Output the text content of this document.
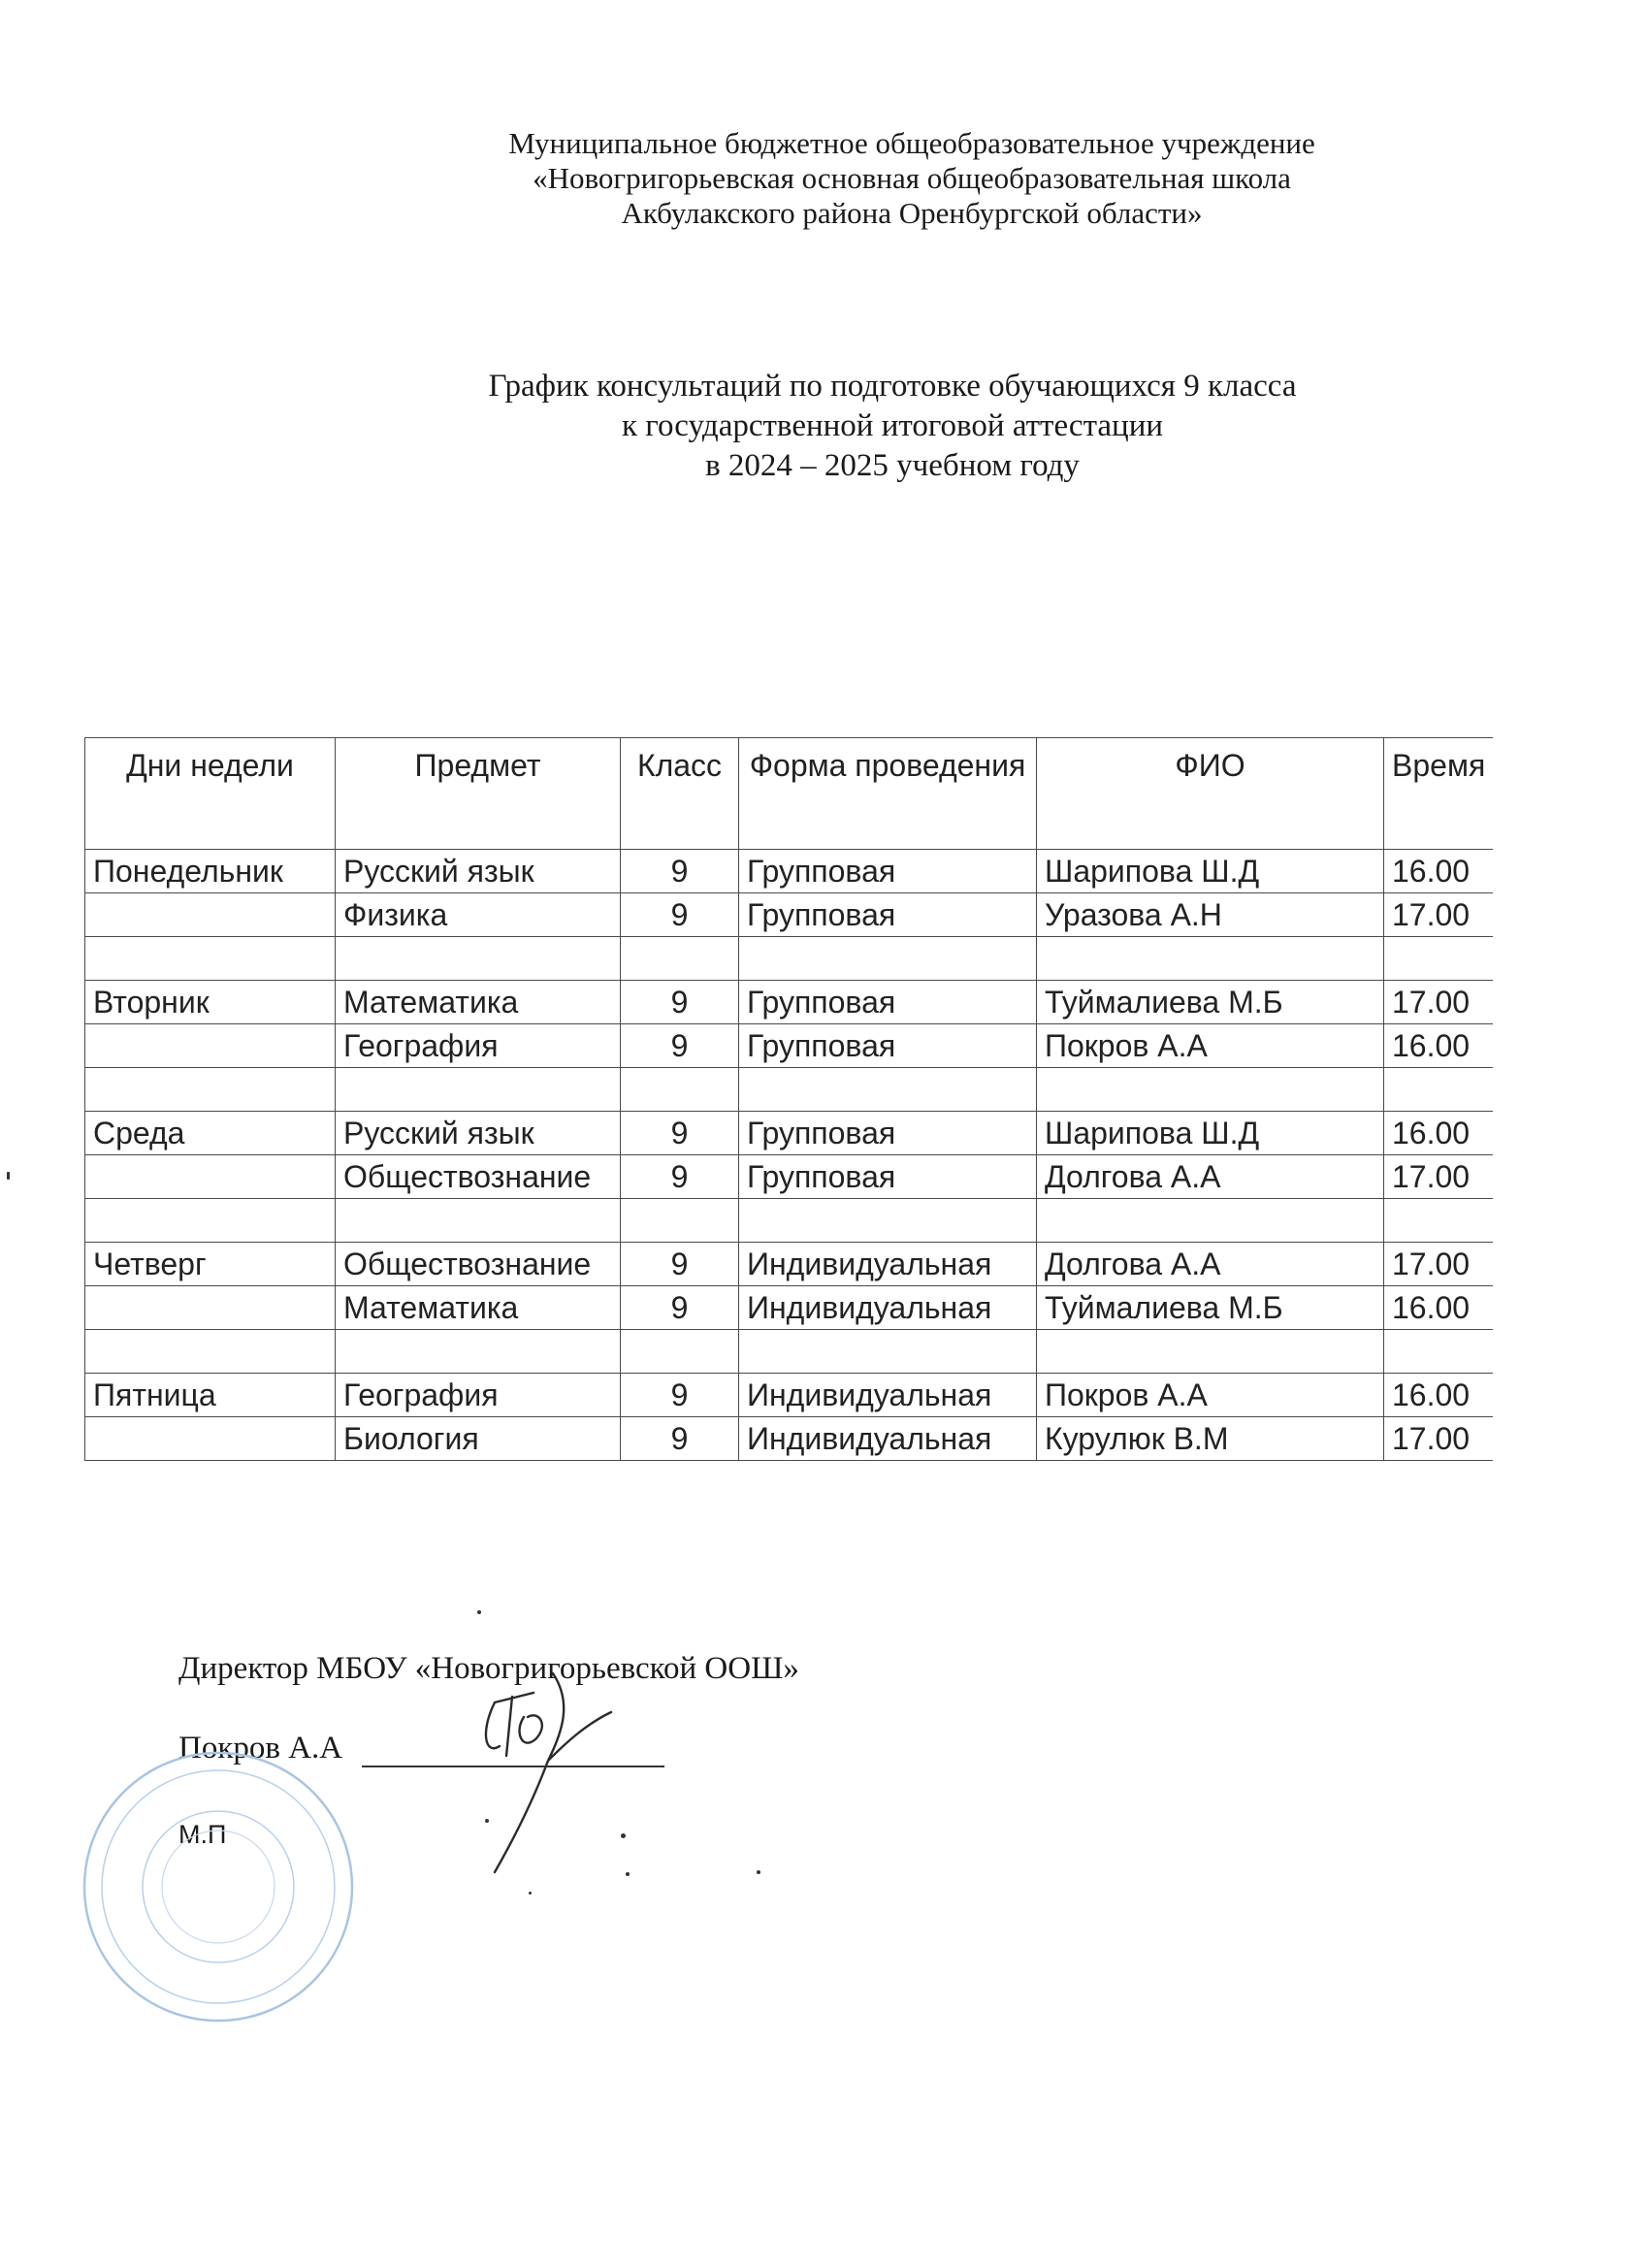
Муниципальное бюджетное общеобразовательное учреждение
«Новогригорьевская основная общеобразовательная школа
Акбулакского района Оренбургской области»
График консультаций по подготовке обучающихся 9 класса
к государственной итоговой аттестации
в 2024 – 2025 учебном году
Дни недели	Предмет	Класс	Форма проведения	ФИО	Время
Понедельник	Русский язык	9	Групповая	Шарипова Ш.Д	16.00
	Физика	9	Групповая	Уразова А.Н	17.00

Вторник	Математика	9	Групповая	Туймалиева М.Б	17.00
	География	9	Групповая	Покров А.А	16.00

Среда	Русский язык	9	Групповая	Шарипова Ш.Д	16.00
	Обществознание	9	Групповая	Долгова А.А	17.00

Четверг	Обществознание	9	Индивидуальная	Долгова А.А	17.00
	Математика	9	Индивидуальная	Туймалиева М.Б	16.00

Пятница	География	9	Индивидуальная	Покров А.А	16.00
	Биология	9	Индивидуальная	Курулюк В.М	17.00
Директор МБОУ «Новогригорьевской ООШ»
Покров А.А
М.П
